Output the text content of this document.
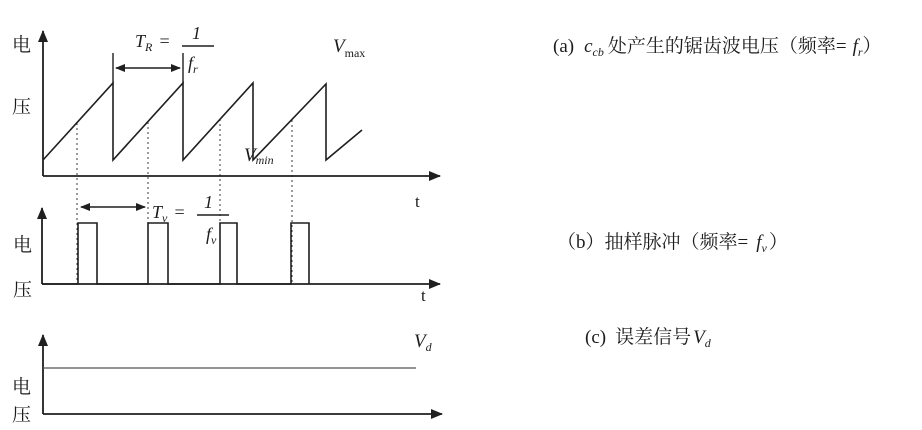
电
压
t
$T_R = 1$
$f_r$
$V_{max}$
Vmin
电
压	t
$T_v = 1$
$f_v$
电
压
$V_d$
(a) $c_{cb}$ 处产生的锯齿波电压（频率= $f_r$）
（b）抽样脉冲（频率= $f_v$ ）
(c) 误差信号 $V_d$
